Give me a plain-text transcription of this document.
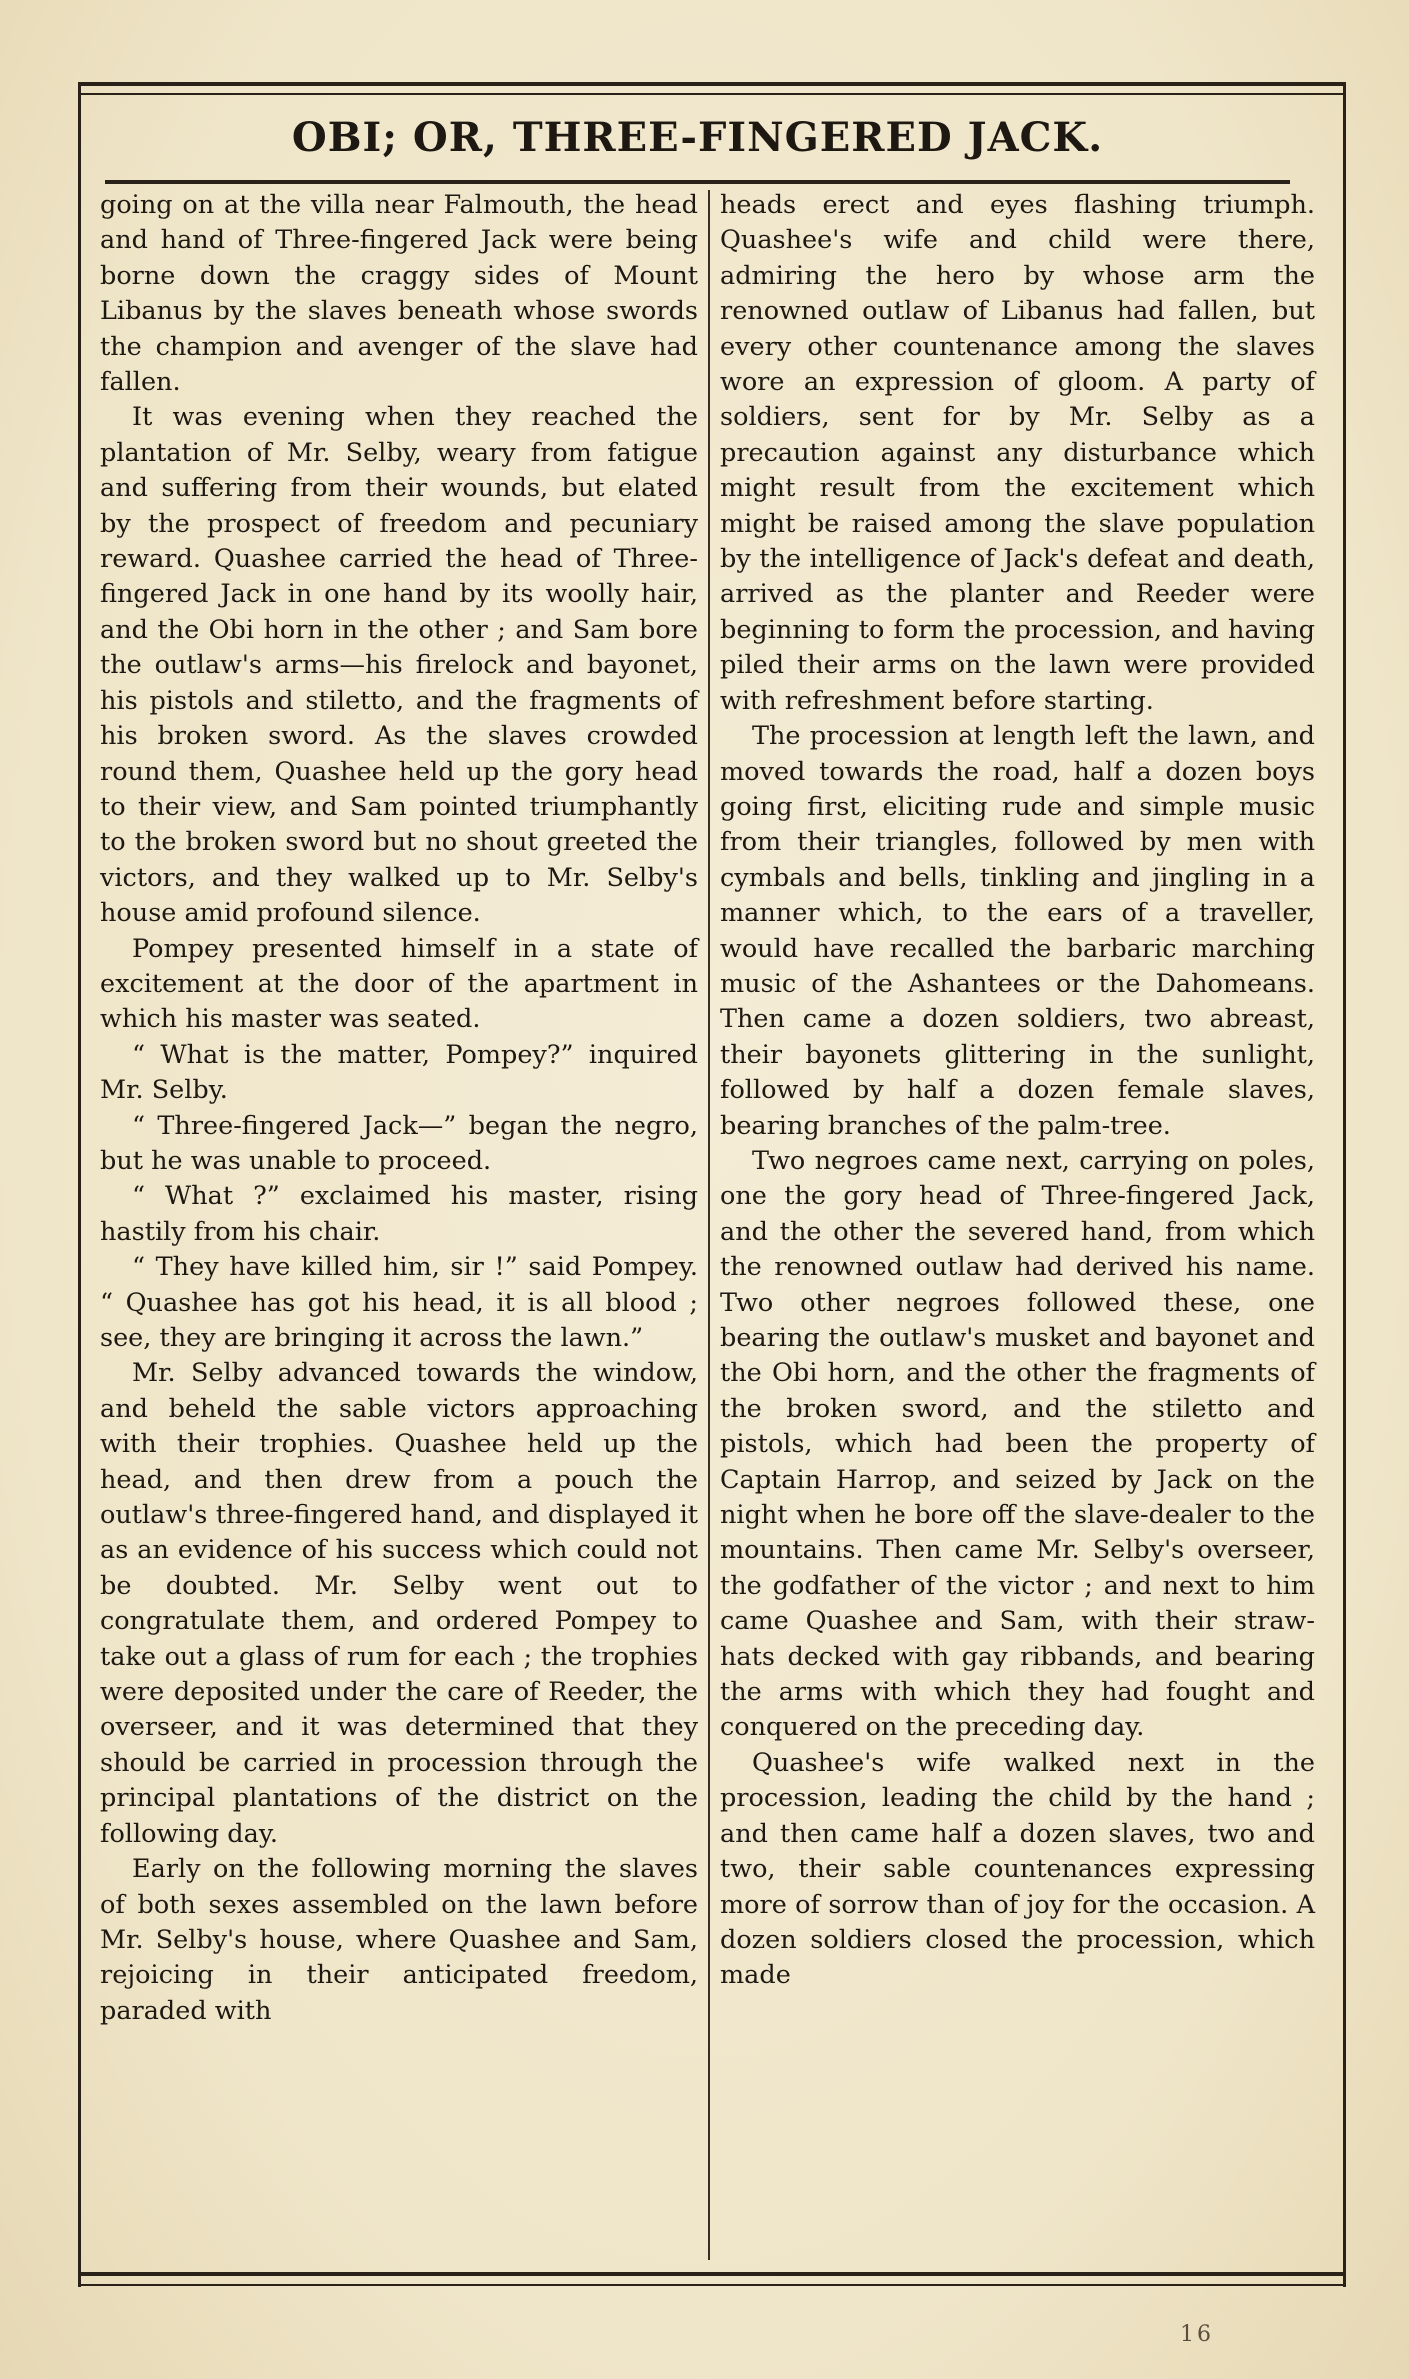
OBI; OR, THREE-FINGERED JACK.

going on at the villa near Falmouth, the head and hand of Three-fingered Jack were being borne down the craggy sides of Mount Libanus by the slaves beneath whose swords the champion and avenger of the slave had fallen.

It was evening when they reached the plantation of Mr. Selby, weary from fatigue and suffering from their wounds, but elated by the prospect of freedom and pecuniary reward. Quashee carried the head of Three-fingered Jack in one hand by its woolly hair, and the Obi horn in the other ; and Sam bore the outlaw's arms—his firelock and bayonet, his pistols and stiletto, and the fragments of his broken sword. As the slaves crowded round them, Quashee held up the gory head to their view, and Sam pointed triumphantly to the broken sword but no shout greeted the victors, and they walked up to Mr. Selby's house amid profound silence.

Pompey presented himself in a state of excitement at the door of the apartment in which his master was seated.

“ What is the matter, Pompey?” inquired Mr. Selby.

“ Three-fingered Jack—” began the negro, but he was unable to proceed.

“ What ?” exclaimed his master, rising hastily from his chair.

“ They have killed him, sir !” said Pompey. “ Quashee has got his head, it is all blood ; see, they are bringing it across the lawn.”

Mr. Selby advanced towards the window, and beheld the sable victors approaching with their trophies. Quashee held up the head, and then drew from a pouch the outlaw's three-fingered hand, and displayed it as an evidence of his success which could not be doubted. Mr. Selby went out to congratulate them, and ordered Pompey to take out a glass of rum for each ; the trophies were deposited under the care of Reeder, the overseer, and it was determined that they should be carried in procession through the principal plantations of the district on the following day.

Early on the following morning the slaves of both sexes assembled on the lawn before Mr. Selby's house, where Quashee and Sam, rejoicing in their anticipated freedom, paraded with

heads erect and eyes flashing triumph. Quashee's wife and child were there, admiring the hero by whose arm the renowned outlaw of Libanus had fallen, but every other countenance among the slaves wore an expression of gloom. A party of soldiers, sent for by Mr. Selby as a precaution against any disturbance which might result from the excitement which might be raised among the slave population by the intelligence of Jack's defeat and death, arrived as the planter and Reeder were beginning to form the procession, and having piled their arms on the lawn were provided with refreshment before starting.

The procession at length left the lawn, and moved towards the road, half a dozen boys going first, eliciting rude and simple music from their triangles, followed by men with cymbals and bells, tinkling and jingling in a manner which, to the ears of a traveller, would have recalled the barbaric marching music of the Ashantees or the Dahomeans. Then came a dozen soldiers, two abreast, their bayonets glittering in the sunlight, followed by half a dozen female slaves, bearing branches of the palm-tree.

Two negroes came next, carrying on poles, one the gory head of Three-fingered Jack, and the other the severed hand, from which the renowned outlaw had derived his name. Two other negroes followed these, one bearing the outlaw's musket and bayonet and the Obi horn, and the other the fragments of the broken sword, and the stiletto and pistols, which had been the property of Captain Harrop, and seized by Jack on the night when he bore off the slave-dealer to the mountains. Then came Mr. Selby's overseer, the godfather of the victor ; and next to him came Quashee and Sam, with their straw-hats decked with gay ribbands, and bearing the arms with which they had fought and conquered on the preceding day.

Quashee's wife walked next in the procession, leading the child by the hand ; and then came half a dozen slaves, two and two, their sable countenances expressing more of sorrow than of joy for the occasion. A dozen soldiers closed the procession, which made

16
